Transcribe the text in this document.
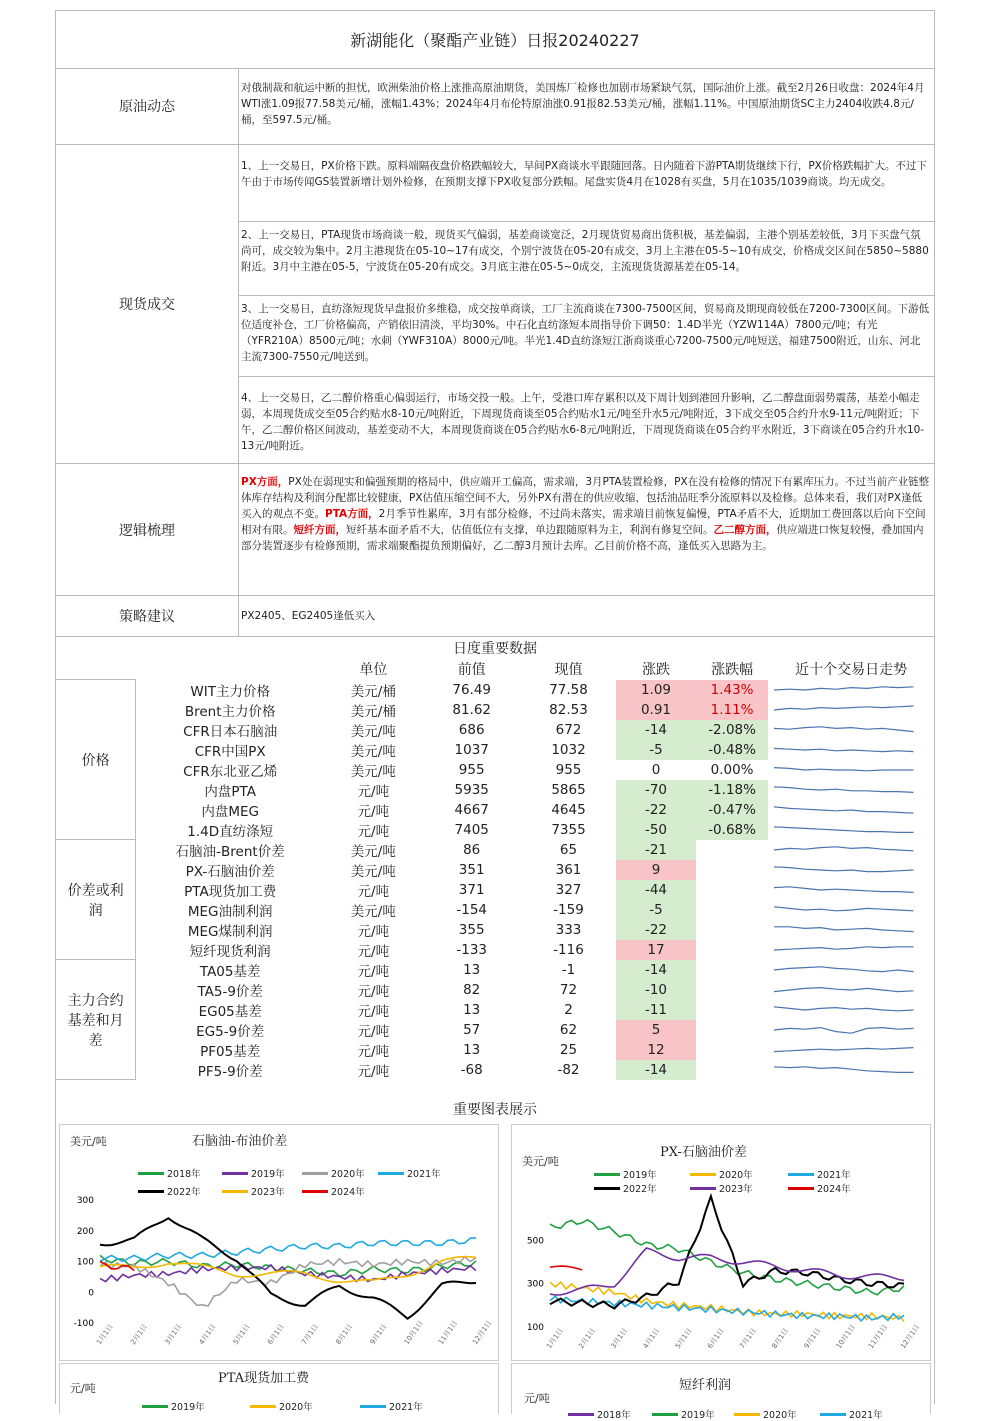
新湖能化（聚酯产业链）日报20240227
原油动态
对俄制裁和航运中断的担忧，欧洲柴油价格上涨推高原油期货，美国炼厂检修也加剧市场紧缺气氛，国际油价上涨。截至2月26日收盘：2024年4月WTI涨1.09报77.58美元/桶，涨幅1.43%；2024年4月布伦特原油涨0.91报82.53美元/桶，涨幅1.11%。中国原油期货SC主力2404收跌4.8元/桶，至597.5元/桶。
现货成交
1、上一交易日，PX价格下跌。原料端隔夜盘价格跌幅较大，早间PX商谈水平跟随回落。日内随着下游PTA期货继续下行，PX价格跌幅扩大。不过下午由于市场传闻GS装置新增计划外检修，在预期支撑下PX收复部分跌幅。尾盘实货4月在1028有买盘，5月在1035/1039商谈。均无成交。
2、上一交易日，PTA现货市场商谈一般，现货买气偏弱，基差商谈宽泛，2月现货贸易商出货积极，基差偏弱，主港个别基差较低，3月下买盘气氛尚可，成交较为集中。2月主港现货在05-10~17有成交，个别宁波货在05-20有成交，3月上主港在05-5~10有成交，价格成交区间在5850~5880附近。3月中主港在05-5，宁波货在05-20有成交。3月底主港在05-5~0成交，主流现货货源基差在05-14。
3、上一交易日，直纺涤短现货早盘报价多维稳，成交按单商谈，工厂主流商谈在7300-7500区间，贸易商及期现商较低在7200-7300区间。下游低位适度补仓，工厂价格偏高，产销依旧清淡，平均30%。中石化直纺涤短本周指导价下调50：1.4D半光（YZW114A）7800元/吨；有光（YFR210A）8500元/吨；水刺（YWF310A）8000元/吨。半光1.4D直纺涤短江浙商谈重心7200-7500元/吨短送，福建7500附近，山东、河北主流7300-7550元/吨送到。
4、上一交易日，乙二醇价格重心偏弱运行，市场交投一般。上午，受港口库存累积以及下周计划到港回升影响，乙二醇盘面弱势震荡，基差小幅走弱，本周现货成交至05合约贴水8-10元/吨附近，下周现货商谈至05合约贴水1元/吨至升水5元/吨附近，3下成交至05合约升水9-11元/吨附近；下午，乙二醇价格区间波动，基差变动不大，本周现货商谈在05合约贴水6-8元/吨附近，下周现货商谈在05合约平水附近，3下商谈在05合约升水10-13元/吨附近。
逻辑梳理

PX方面，PX处在弱现实和偏强预期的格局中，供应端开工偏高，需求端，3月PTA装置检修，PX在没有检修的情况下有累库压力。不过当前产业链整体库存结构及利润分配都比较健康，PX估值压缩空间不大，另外PX有潜在的供应收缩，包括油品旺季分流原料以及检修。总体来看，我们对PX逢低买入的观点不变。PTA方面，2月季节性累库，3月有部分检修，不过尚未落实，需求端目前恢复偏慢，PTA矛盾不大，近期加工费回落以后向下空间相对有限。短纤方面，短纤基本面矛盾不大，估值低位有支撑，单边跟随原料为主，利润有修复空间。乙二醇方面，供应端进口恢复较慢，叠加国内部分装置逐步有检修预期，需求端聚酯提负预期偏好，乙二醇3月预计去库。乙目前价格不高，逢低买入思路为主。

策略建议	PX2405、EG2405逢低买入
日度重要数据
		单位	前值	现值	涨跌	涨跌幅	近十个交易日走势
价格	WIT主力价格	美元/桶	76.49	77.58	1.09	1.43%	

	Brent主力价格	美元/桶	81.62	82.53	0.91	1.11%	

	CFR日本石脑油	美元/吨	686	672	-14	-2.08%	

	CFR中国PX	美元/吨	1037	1032	-5	-0.48%	

	CFR东北亚乙烯	美元/吨	955	955	0	0.00%	

	内盘PTA	元/吨	5935	5865	-70	-1.18%	

	内盘MEG	元/吨	4667	4645	-22	-0.47%	

	1.4D直纺涤短	元/吨	7405	7355	-50	-0.68%	

价差或利润	石脑油-Brent价差	美元/吨	86	65	-21		

	PX-石脑油价差	美元/吨	351	361	9		

	PTA现货加工费	元/吨	371	327	-44		

	MEG油制利润	美元/吨	-154	-159	-5		

	MEG煤制利润	元/吨	355	333	-22		

	短纤现货利润	元/吨	-133	-116	17		

主力合约基差和月差	TA05基差	元/吨	13	-1	-14		

	TA5-9价差	元/吨	82	72	-10		

	EG05基差	元/吨	13	2	-11		

	EG5-9价差	元/吨	57	62	5		

	PF05基差	元/吨	13	25	12		

	PF5-9价差	元/吨	-68	-82	-14		
重要图表展示
美元/吨	石脑油-布油价差
2018年	2019年	2020年	2021年
2022年	2023年	2024年
300
200
100
0
-100 1月1日 2月1日 3月1日 4月1日 5月1日 6月1日 7月1日 8月1日 9月1日 10月1日 11月1日 12月1日
美元/吨
PX-石脑油价差
2019年	2020年	2021年
2022年	2023年	2024年
500
300
100 1月1日 2月1日 3月1日 4月1日 5月1日 6月1日 7月1日 8月1日 9月1日 10月1日 11月1日 12月1日
元/吨
PTA现货加工费
2019年	2020年	2021年
元/吨
短纤利润
2018年	2019年	2020年	2021年
